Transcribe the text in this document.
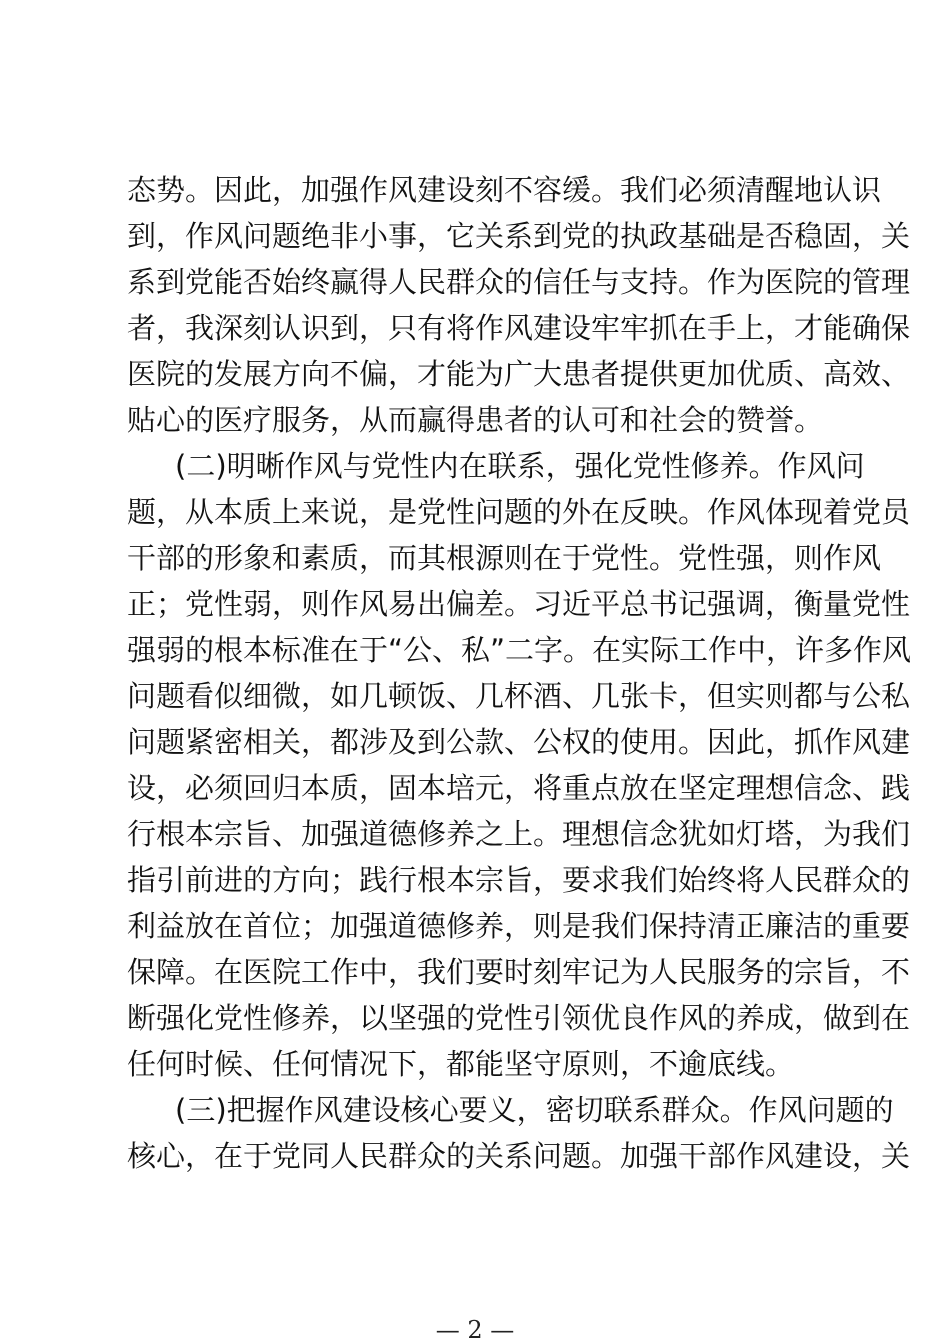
态势。因此，加强作风建设刻不容缓。我们必须清醒地认识
到，作风问题绝非小事，它关系到党的执政基础是否稳固，关
系到党能否始终赢得人民群众的信任与支持。作为医院的管理
者，我深刻认识到，只有将作风建设牢牢抓在手上，才能确保
医院的发展方向不偏，才能为广大患者提供更加优质、高效、
贴心的医疗服务，从而赢得患者的认可和社会的赞誉。
(二)明晰作风与党性内在联系，强化党性修养。作风问
题，从本质上来说，是党性问题的外在反映。作风体现着党员
干部的形象和素质，而其根源则在于党性。党性强，则作风
正；党性弱，则作风易出偏差。习近平总书记强调，衡量党性
强弱的根本标准在于“公、私”二字。在实际工作中，许多作风
问题看似细微，如几顿饭、几杯酒、几张卡，但实则都与公私
问题紧密相关，都涉及到公款、公权的使用。因此，抓作风建
设，必须回归本质，固本培元，将重点放在坚定理想信念、践
行根本宗旨、加强道德修养之上。理想信念犹如灯塔，为我们
指引前进的方向；践行根本宗旨，要求我们始终将人民群众的
利益放在首位；加强道德修养，则是我们保持清正廉洁的重要
保障。在医院工作中，我们要时刻牢记为人民服务的宗旨，不
断强化党性修养，以坚强的党性引领优良作风的养成，做到在
任何时候、任何情况下，都能坚守原则，不逾底线。
(三)把握作风建设核心要义，密切联系群众。作风问题的
核心，在于党同人民群众的关系问题。加强干部作风建设，关
— 2 —
